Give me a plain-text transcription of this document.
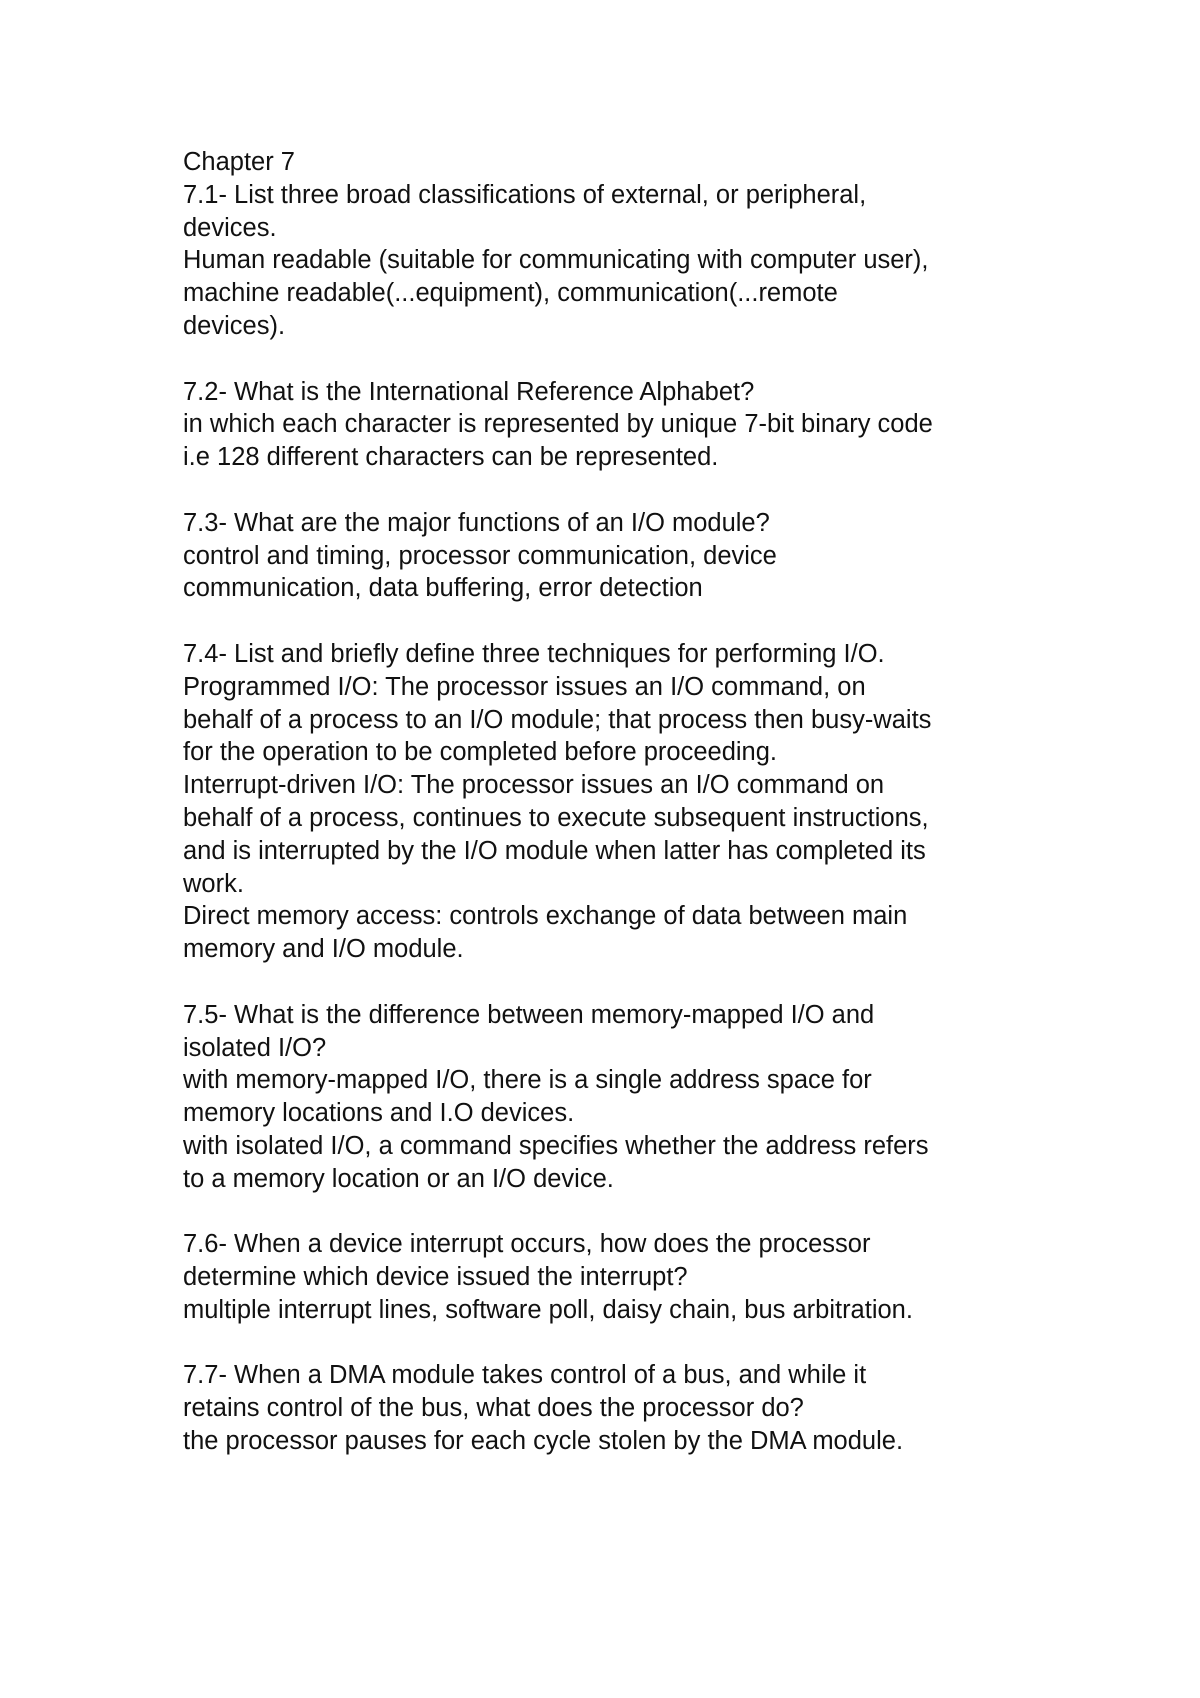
Chapter 7
7.1- List three broad classifications of external, or peripheral,
devices.
Human readable (suitable for communicating with computer user),
machine readable(...equipment), communication(...remote
devices).
7.2- What is the International Reference Alphabet?
in which each character is represented by unique 7-bit binary code
i.e 128 different characters can be represented.
7.3- What are the major functions of an I/O module?
control and timing, processor communication, device
communication, data buffering, error detection
7.4- List and briefly define three techniques for performing I/O.
Programmed I/O: The processor issues an I/O command, on
behalf of a process to an I/O module; that process then busy-waits
for the operation to be completed before proceeding.
Interrupt-driven I/O: The processor issues an I/O command on
behalf of a process, continues to execute subsequent instructions,
and is interrupted by the I/O module when latter has completed its
work.
Direct memory access: controls exchange of data between main
memory and I/O module.
7.5- What is the difference between memory-mapped I/O and
isolated I/O?
with memory-mapped I/O, there is a single address space for
memory locations and I.O devices.
with isolated I/O, a command specifies whether the address refers
to a memory location or an I/O device.
7.6- When a device interrupt occurs, how does the processor
determine which device issued the interrupt?
multiple interrupt lines, software poll, daisy chain, bus arbitration.
7.7- When a DMA module takes control of a bus, and while it
retains control of the bus, what does the processor do?
the processor pauses for each cycle stolen by the DMA module.
